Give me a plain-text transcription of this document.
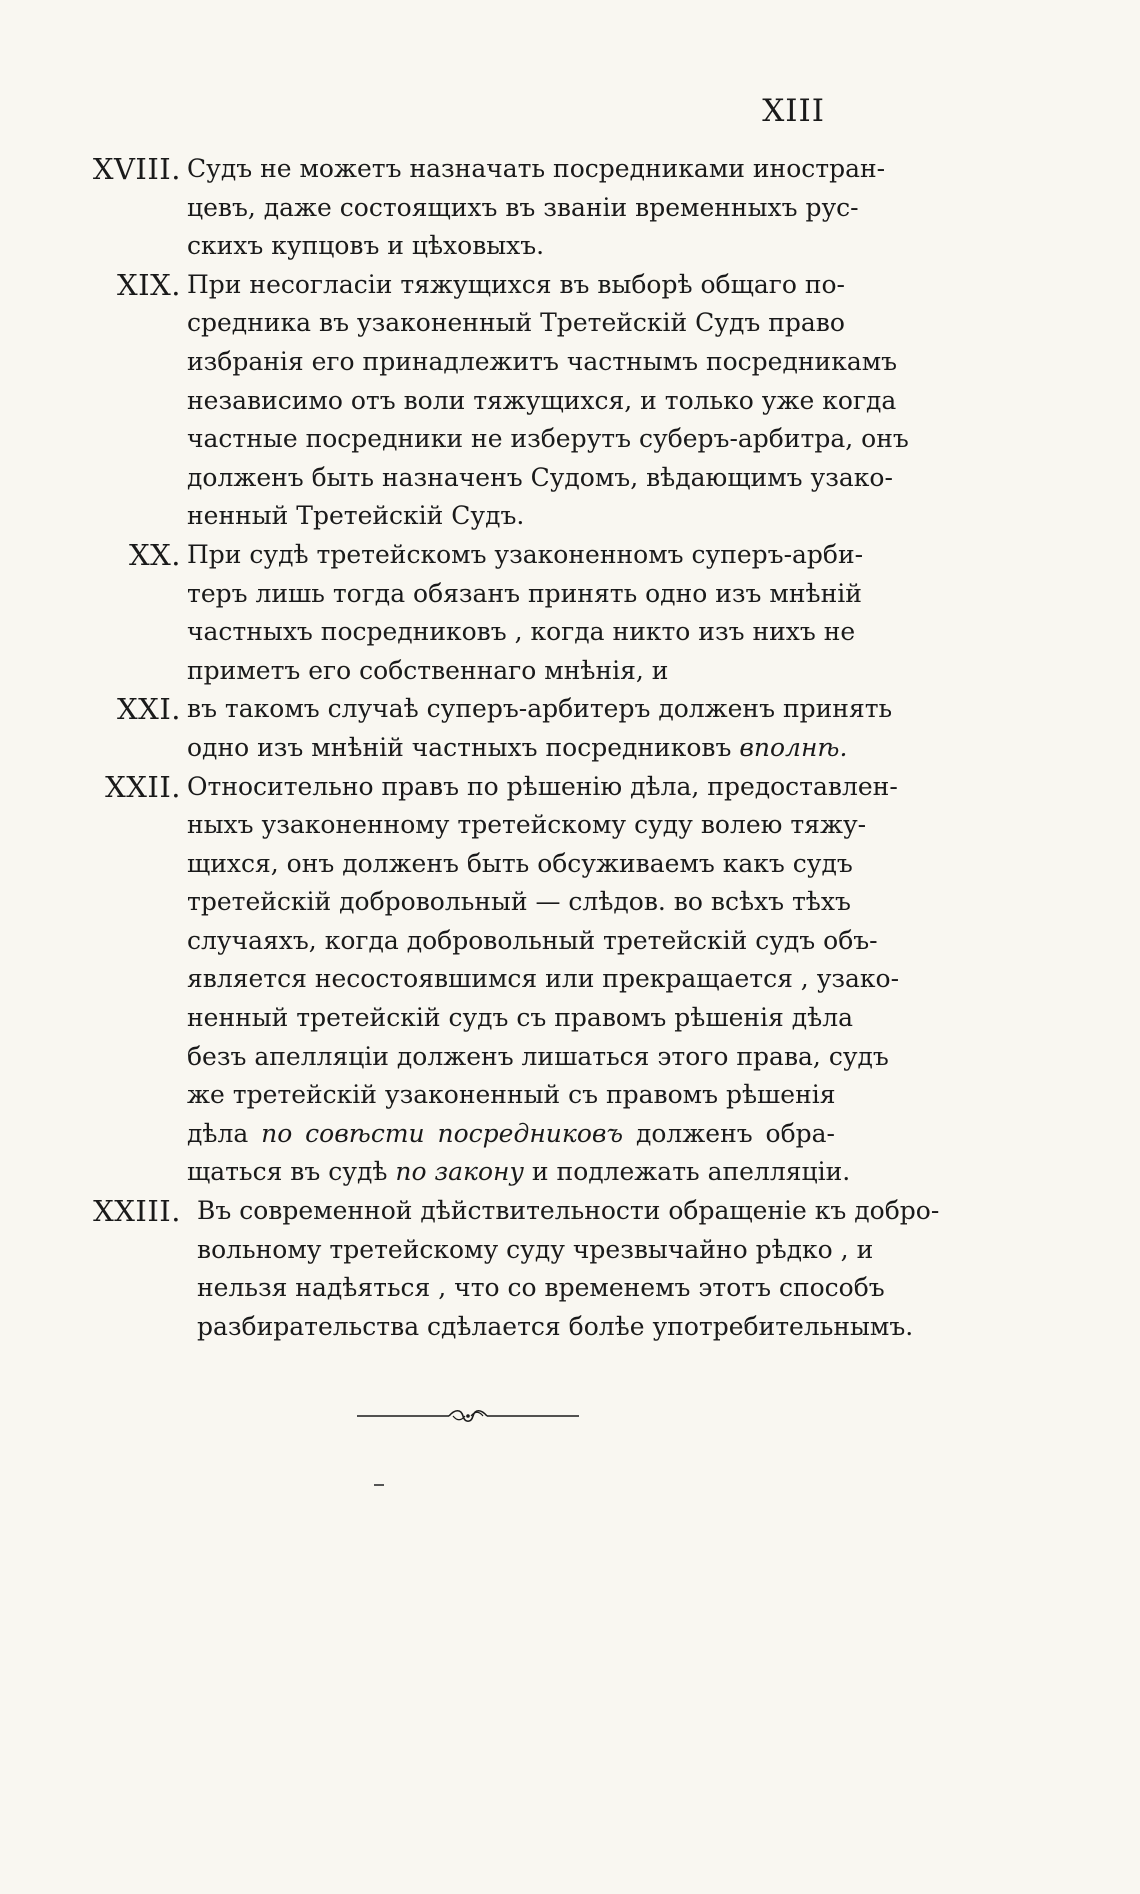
XIII
XVIII. Судъ не можетъ назначать посредниками иностран-
цевъ, даже состоящихъ въ званіи временныхъ рус-
скихъ купцовъ и цѣховыхъ.
XIX. При несогласіи тяжущихся въ выборѣ общаго по-
средника въ узаконенный Третейскій Судъ право
избранія его принадлежитъ частнымъ посредникамъ
независимо отъ воли тяжущихся, и только уже когда
частные посредники не изберутъ суберъ-арбитра, онъ
долженъ быть назначенъ Судомъ, вѣдающимъ узако-
ненный Третейскій Судъ.
XX. При судѣ третейскомъ узаконенномъ суперъ-арби-
теръ лишь тогда обязанъ принять одно изъ мнѣній
частныхъ посредниковъ , когда никто изъ нихъ не
приметъ его собственнаго мнѣнія, и
XXI. въ такомъ случаѣ суперъ-арбитеръ долженъ принять
одно изъ мнѣній частныхъ посредниковъ вполнѣ.
XXII. Относительно правъ по рѣшенію дѣла, предоставлен-
ныхъ узаконенному третейскому суду волею тяжу-
щихся, онъ долженъ быть обсуживаемъ какъ судъ
третейскій добровольный — слѣдов. во всѣхъ тѣхъ
случаяхъ, когда добровольный третейскій судъ объ-
является несостоявшимся или прекращается , узако-
ненный третейскій судъ съ правомъ рѣшенія дѣла
безъ апелляціи долженъ лишаться этого права, судъ
же третейскій узаконенный съ правомъ рѣшенія
дѣла по совѣсти посредниковъ долженъ обра-
щаться въ судѣ по закону и подлежать апелляціи.
XXIII. Въ современной дѣйствительности обращеніе къ добро-
вольному третейскому суду чрезвычайно рѣдко , и
нельзя надѣяться , что со временемъ этотъ способъ
разбирательства сдѣлается болѣе употребительнымъ.
